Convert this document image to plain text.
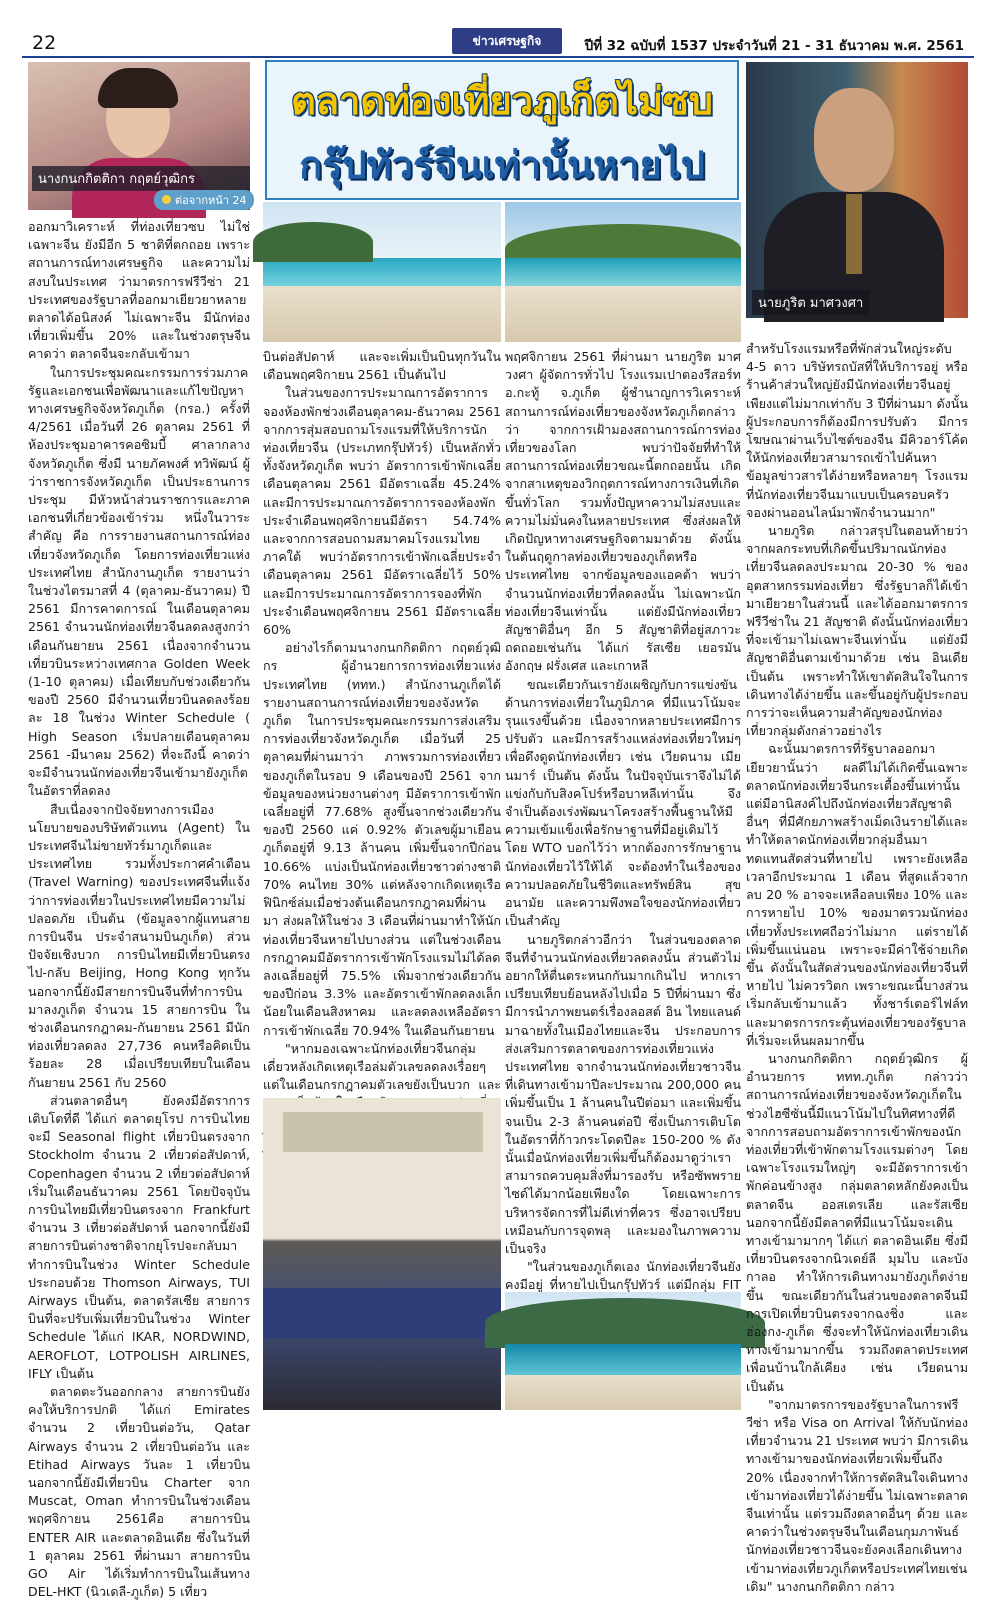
22	ข่าวเศรษฐกิจ	ปีที่ 32 ฉบับที่ 1537 ประจำวันที่ 21 - 31 ธันวาคม พ.ศ. 2561
นางกนกกิตติกา กฤตย์วุฒิกร
ต่อจากหน้า 24
ตลาดท่องเที่ยวภูเก็ตไม่ซบ
กรุ๊ปทัวร์จีนเท่านั้นหายไป
นายภูริต มาศวงศา

ออกมาวิเคราะห์ ที่ท่องเที่ยวซบ ไม่ใช่เฉพาะจีน ยังมีอีก 5 ชาติที่ตกถอย เพราะสถานการณ์ทางเศรษฐกิจ และความไม่สงบในประเทศ ว่ามาตรการฟรีวีซ่า 21 ประเทศของรัฐบาลที่ออกมาเยียวยาหลายตลาดได้อนิสงค์ ไม่เฉพาะจีน มีนักท่องเที่ยวเพิ่มขึ้น 20% และในช่วงตรุษจีนคาดว่า ตลาดจีนจะกลับเข้ามา

ในการประชุมคณะกรรมการร่วมภาครัฐและเอกชนเพื่อพัฒนาและแก้ไขปัญหาทางเศรษฐกิจจังหวัดภูเก็ต (กรอ.) ครั้งที่ 4/2561 เมื่อวันที่ 26 ตุลาคม 2561 ที่ห้องประชุมอาคารคอซิมบี้ ศาลากลางจังหวัดภูเก็ต ซึ่งมี นายภัคพงศ์ ทวิพัฒน์ ผู้ว่าราชการจังหวัดภูเก็ต เป็นประธานการประชุม มีหัวหน้าส่วนราชการและภาคเอกชนที่เกี่ยวข้องเข้าร่วม หนึ่งในวาระสำคัญ คือ การรายงานสถานการณ์ท่องเที่ยวจังหวัดภูเก็ต โดยการท่องเที่ยวแห่งประเทศไทย สำนักงานภูเก็ต รายงานว่า ในช่วงไตรมาสที่ 4 (ตุลาคม-ธันวาคม) ปี 2561 มีการคาดการณ์ ในเดือนตุลาคม 2561 จำนวนนักท่องเที่ยวจีนลดลงสูงกว่าเดือนกันยายน 2561 เนื่องจากจำนวนเที่ยวบินระหว่างเทศกาล Golden Week (1-10 ตุลาคม) เมื่อเทียบกับช่วงเดียวกันของปี 2560 มีจำนวนเที่ยวบินลดลงร้อยละ 18 ในช่วง Winter Schedule ( High Season เริ่มปลายเดือนตุลาคม 2561 -มีนาคม 2562) ที่จะถึงนี้ คาดว่าจะมีจำนวนนักท่องเที่ยวจีนเข้ามายังภูเก็ตในอัตราที่ลดลง

สืบเนื่องจากปัจจัยทางการเมือง นโยบายของบริษัทตัวแทน (Agent) ในประเทศจีนไม่ขายทัวร์มาภูเก็ตและประเทศไทย รวมทั้งประกาศคำเตือน (Travel Warning) ของประเทศจีนที่แจ้งว่าการท่องเที่ยวในประเทศไทยมีความไม่ปลอดภัย เป็นต้น (ข้อมูลจากผู้แทนสายการบินจีน ประจำสนามบินภูเก็ต) ส่วนปัจจัยเชิงบวก การบินไทยมีเที่ยวบินตรงไป-กลับ Beijing, Hong Kong ทุกวัน นอกจากนี้ยังมีสายการบินจีนที่ทำการบินมาลงภูเก็ต จำนวน 15 สายการบิน ในช่วงเดือนกรกฎาคม-กันยายน 2561 มีนักท่องเที่ยวลดลง 27,736 คนหรือคิดเป็นร้อยละ 28 เมื่อเปรียบเทียบในเดือนกันยายน 2561 กับ 2560

ส่วนตลาดอื่นๆ ยังคงมีอัตราการเติบโตที่ดี ได้แก่ ตลาดยุโรป การบินไทยจะมี Seasonal flight เที่ยวบินตรงจาก Stockholm จำนวน 2 เที่ยวต่อสัปดาห์, Copenhagen จำนวน 2 เที่ยวต่อสัปดาห์ เริ่มในเดือนธันวาคม 2561 โดยปัจจุบันการบินไทยมีเที่ยวบินตรงจาก Frankfurt จำนวน 3 เที่ยวต่อสัปดาห์ นอกจากนี้ยังมีสายการบินต่างชาติจากยุโรปจะกลับมาทำการบินในช่วง Winter Schedule ประกอบด้วย Thomson Airways, TUI Airways เป็นต้น, ตลาดรัสเซีย สายการบินที่จะปรับเพิ่มเที่ยวบินในช่วง Winter Schedule ได้แก่ IKAR, NORDWIND, AEROFLOT, LOTPOLISH AIRLINES, IFLY เป็นต้น

ตลาดตะวันออกกลาง สายการบินยังคงให้บริการปกติ ได้แก่ Emirates จำนวน 2 เที่ยวบินต่อวัน, Qatar Airways จำนวน 2 เที่ยวบินต่อวัน และ Etihad Airways วันละ 1 เที่ยวบิน นอกจากนี้ยังมีเที่ยวบิน Charter จาก Muscat, Oman ทำการบินในช่วงเดือนพฤศจิกายน 2561คือ สายการบิน ENTER AIR และตลาดอินเดีย ซึ่งในวันที่ 1 ตุลาคม 2561 ที่ผ่านมา สายการบิน GO Air ได้เริ่มทำการบินในเส้นทาง DEL-HKT (นิวเดลี-ภูเก็ต) 5 เที่ยว

บินต่อสัปดาห์ และจะเพิ่มเป็นบินทุกวันในเดือนพฤศจิกายน 2561 เป็นต้นไป

ในส่วนของการประมาณการอัตราการจองห้องพักช่วงเดือนตุลาคม-ธันวาคม 2561 จากการสุ่มสอบถามโรงแรมที่ให้บริการนักท่องเที่ยวจีน (ประเภทกรุ๊ปทัวร์) เป็นหลักทั่วทั้งจังหวัดภูเก็ต พบว่า อัตราการเข้าพักเฉลี่ยเดือนตุลาคม 2561 มีอัตราเฉลี่ย 45.24% และมีการประมาณการอัตราการจองห้องพักประจำเดือนพฤศจิกายนมีอัตรา 54.74% และจากการสอบถามสมาคมโรงแรมไทยภาคใต้ พบว่าอัตราการเข้าพักเฉลี่ยประจำเดือนตุลาคม 2561 มีอัตราเฉลี่ยไว้ 50% และมีการประมาณการอัตราการจองที่พักประจำเดือนพฤศจิกายน 2561 มีอัตราเฉลี่ย 60%

อย่างไรก็ตามนางกนกกิตติกา กฤตย์วุฒิกร ผู้อำนวยการการท่องเที่ยวแห่งประเทศไทย (ททท.) สำนักงานภูเก็ตได้ รายงานสถานการณ์ท่องเที่ยวของจังหวัดภูเก็ต ในการประชุมคณะกรรมการส่งเสริมการท่องเที่ยวจังหวัดภูเก็ต เมื่อวันที่ 25 ตุลาคมที่ผ่านมาว่า ภาพรวมการท่องเที่ยวของภูเก็ตในรอบ 9 เดือนของปี 2561 จากข้อมูลของหน่วยงานต่างๆ มีอัตราการเข้าพักเฉลี่ยอยู่ที่ 77.68% สูงขึ้นจากช่วงเดียวกันของปี 2560 แค่ 0.92% ตัวเลขผู้มาเยือนภูเก็ตอยู่ที่ 9.13 ล้านคน เพิ่มขึ้นจากปีก่อน 10.66% แบ่งเป็นนักท่องเที่ยวชาวต่างชาติ 70% คนไทย 30% แต่หลังจากเกิดเหตุเรือฟินิกซ์ล่มเมื่อช่วงต้นเดือนกรกฎาคมที่ผ่านมา ส่งผลให้ในช่วง 3 เดือนที่ผ่านมาทำให้นักท่องเที่ยวจีนหายไปบางส่วน แต่ในช่วงเดือนกรกฎาคมมีอัตราการเข้าพักโรงแรมไม่ได้ลดลงเฉลี่ยอยู่ที่ 75.5% เพิ่มจากช่วงเดียวกันของปีก่อน 3.3% และอัตราเข้าพักลดลงเล็กน้อยในเดือนสิงหาคม และลดลงเหลืออัตราการเข้าพักเฉลี่ย 70.94% ในเดือนกันยายน

"หากมองเฉพาะนักท่องเที่ยวจีนกลุ่มเดี่ยวหลังเกิดเหตุเรือล่มตัวเลขลดลงเรื่อยๆ แต่ในเดือนกรกฎาคมตัวเลขยังเป็นบวก และ

พฤศจิกายน 2561 ที่ผ่านมา นายภูริต มาศวงศา ผู้จัดการทั่วไป โรงแรมเปาตองรีสอร์ท อ.กะทู้ จ.ภูเก็ต ผู้ชำนาญการวิเคราะห์สถานการณ์ท่องเที่ยวของจังหวัดภูเก็ตกล่าวว่า จากการเฝ้ามองสถานการณ์การท่องเที่ยวของโลก พบว่าปัจจัยที่ทำให้สถานการณ์ท่องเที่ยวขณะนี้ตกถอยนั้น เกิดจากสาเหตุของวิกฤตการณ์ทางการเงินที่เกิดขึ้นทั่วโลก รวมทั้งปัญหาความไม่สงบและความไม่มั่นคงในหลายประเทศ ซึ่งส่งผลให้เกิดปัญหาทางเศรษฐกิจตามมาด้วย ดังนั้นในต้นฤดูกาลท่องเที่ยวของภูเก็ตหรือประเทศไทย จากข้อมูลของแอคต้า พบว่า จำนวนนักท่องเที่ยวที่ลดลงนั้น ไม่เฉพาะนักท่องเที่ยวจีนเท่านั้น แต่ยังมีนักท่องเที่ยวสัญชาติอื่นๆ อีก 5 สัญชาติที่อยู่สภาวะถดถอยเช่นกัน ได้แก่ รัสเซีย เยอรมัน อังกฤษ ฝรั่งเศส และเกาหลี

ขณะเดียวกันเรายังเผชิญกับการแข่งขันด้านการท่องเที่ยวในภูมิภาค ที่มีแนวโน้มจะรุนแรงขึ้นด้วย เนื่องจากหลายประเทศมีการปรับตัว และมีการสร้างแหล่งท่องเที่ยวใหม่ๆ เพื่อดึงดูดนักท่องเที่ยว เช่น เวียดนาม เมียนมาร์ เป็นต้น ดังนั้น ในปัจจุบันเราจึงไม่ได้แข่งกับกับสิงคโปร์หรือบาหลีเท่านั้น จึงจำเป็นต้องเร่งพัฒนาโครงสร้างพื้นฐานให้มีความเข้มแข็งเพื่อรักษาฐานที่มีอยู่เดิมไว้ โดย WTO บอกไว้ว่า หากต้องการรักษาฐานนักท่องเที่ยวไว้ให้ได้ จะต้องทำในเรื่องของความปลอดภัยในชีวิตและทรัพย์สิน สุขอนามัย และความพึงพอใจของนักท่องเที่ยวเป็นสำคัญ

นายภูริตกล่าวอีกว่า ในส่วนของตลาดจีนที่จำนวนนักท่องเที่ยวลดลงนั้น ส่วนตัวไม่อยากให้ตื่นตระหนกกันมากเกินไป หากเราเปรียบเทียบย้อนหลังไปเมื่อ 5 ปีที่ผ่านมา ซึ่งมีการนำภาพยนตร์เรื่องลอสต์ อิน ไทยแลนด์มาฉายทั้งในเมืองไทยและจีน ประกอบการส่งเสริมการตลาดของการท่องเที่ยวแห่งประเทศไทย จากจำนวนนักท่องเที่ยวชาวจีนที่เดินทางเข้ามาปีละประมาณ 200,000 คน เพิ่มขึ้นเป็น 1 ล้านคนในปีต่อมา และเพิ่มขึ้นจนเป็น 2-3 ล้านคนต่อปี ซึ่งเป็นการเติบโตในอัตราที่ก้าวกระโดดปีละ 150-200 % ดังนั้นเมื่อนักท่องเที่ยวเพิ่มขึ้นก็ต้องมาดูว่าเราสามารถควบคุมสิ่งที่มารองรับ หรือซัพพรายไซด์ได้มากน้อยเพียงใด โดยเฉพาะการบริหารจัดการที่ไม่ดีเท่าที่ควร ซึ่งอาจเปรียบเหมือนกับการจุดพลุ และมองในภาพความเป็นจริง

"ในส่วนของภูเก็ตเอง นักท่องเที่ยวจีนยังคงมีอยู่ ที่หายไปเป็นกรุ๊ปทัวร์ แต่มีกลุ่ม FIT

สำหรับโรงแรมหรือที่พักส่วนใหญ่ระดับ 4-5 ดาว บริษัทรถบัสที่ให้บริการอยู่ หรือร้านค้าส่วนใหญ่ยังมีนักท่องเที่ยวจีนอยู่ เพียงแต่ไม่มากเท่ากับ 3 ปีที่ผ่านมา ดังนั้นผู้ประกอบการก็ต้องมีการปรับตัว มีการโฆษณาผ่านเว็บไซต์ของจีน มีคิวอาร์โค้ดให้นักท่องเที่ยวสามารถเข้าไปค้นหาข้อมูลข่าวสารได้ง่ายหรือหลายๆ โรงแรมที่นักท่องเที่ยวจีนมาแบบเป็นครอบครัวจองผ่านออนไลน์มาพักจำนวนมาก"

นายภูริต กล่าวสรุปในตอนท้ายว่า จากผลกระทบที่เกิดขึ้นปริมาณนักท่องเที่ยวจีนลดลงประมาณ 20-30 % ของอุตสาหกรรมท่องเที่ยว ซึ่งรัฐบาลก็ได้เข้ามาเยียวยาในส่วนนี้ และได้ออกมาตรการฟรีวีซ่าใน 21 สัญชาติ ดังนั้นนักท่องเที่ยวที่จะเข้ามาไม่เฉพาะจีนเท่านั้น แต่ยังมีสัญชาติอื่นตามเข้ามาด้วย เช่น อินเดีย เป็นต้น เพราะทำให้เขาตัดสินใจในการเดินทางได้ง่ายขึ้น และขึ้นอยู่กับผู้ประกอบการว่าจะเห็นความสำคัญของนักท่องเที่ยวกลุ่มดังกล่าวอย่างไร

ฉะนั้นมาตรการที่รัฐบาลออกมาเยียวยานั้นว่า ผลดีไม่ได้เกิดขึ้นเฉพาะตลาดนักท่องเที่ยวจีนกระเตื้องขึ้นเท่านั้น แต่มีอานิสงค์ไปถึงนักท่องเที่ยวสัญชาติอื่นๆ ที่มีศักยภาพสร้างเม็ดเงินรายได้และทำให้ตลาดนักท่องเที่ยวกลุ่มอื่นมาทดแทนสัดส่วนที่หายไป เพราะยังเหลือเวลาอีกประมาณ 1 เดือน ที่สูดแล้วจากลบ 20 % อาจจะเหลือลบเพียง 10% และการหายไป 10% ของมาตรวมนักท่องเที่ยวทั้งประเทศถือว่าไม่มาก แต่รายได้เพิ่มขึ้นแน่นอน เพราะจะมีค่าใช้จ่ายเกิดขึ้น ดังนั้นในสัดส่วนของนักท่องเที่ยวจีนที่หายไป ไม่ควรวิตก เพราะขณะนี้บางส่วนเริ่มกลับเข้ามาแล้ว ทั้งชาร์เตอร์ไฟล์ท และมาตรการกระตุ้นท่องเที่ยวของรัฐบาลที่เริ่มจะเห็นผลมากขึ้น

นางกนกกิตติกา กฤตย์วุฒิกร ผู้อำนวยการ ททท.ภูเก็ต กล่าวว่า สถานการณ์ท่องเที่ยวของจังหวัดภูเก็ตในช่วงไฮซีซั่นนี้มีแนวโน้มไปในทิศทางที่ดี จากการสอบถามอัตราการเข้าพักของนักท่องเที่ยวที่เข้าพักตามโรงแรมต่างๆ โดยเฉพาะโรงแรมใหญ่ๆ จะมีอัตราการเข้าพักค่อนข้างสูง กลุ่มตลาดหลักยังคงเป็นตลาดจีน ออสเตรเลีย และรัสเซีย นอกจากนี้ยังมีตลาดที่มีแนวโน้มจะเดินทางเข้ามามากๆ ได้แก่ ตลาดอินเดีย ซึ่งมีเที่ยวบินตรงจากนิวเดย์ลี มุมไบ และบังกาลอ ทำให้การเดินทางมายังภูเก็ตง่ายขึ้น ขณะเดียวกันในส่วนของตลาดจีนมีการเปิดเที่ยวบินตรงจากฉงชิ่ง และ ฮ่องกง-ภูเก็ต ซึ่งจะทำให้นักท่องเที่ยวเดินทางเข้ามามากขึ้น รวมถึงตลาดประเทศเพื่อนบ้านใกล้เคียง เช่น เวียดนาม เป็นต้น

"จากมาตรการของรัฐบาลในการฟรีวีซ่า หรือ Visa on Arrival ให้กับนักท่องเที่ยวจำนวน 21 ประเทศ พบว่า มีการเดินทางเข้ามาของนักท่องเที่ยวเพิ่มขึ้นถึง 20% เนื่องจากทำให้การตัดสินใจเดินทางเข้ามาท่องเที่ยวได้ง่ายขึ้น ไม่เฉพาะตลาดจีนเท่านั้น แต่รวมถึงตลาดอื่นๆ ด้วย และคาดว่าในช่วงตรุษจีนในเดือนกุมภาพันธ์นักท่องเที่ยวชาวจีนจะยังคงเลือกเดินทางเข้ามาท่องเที่ยวภูเก็ตหรือประเทศไทยเช่นเดิม" นางกนกกิตติกา กล่าว
